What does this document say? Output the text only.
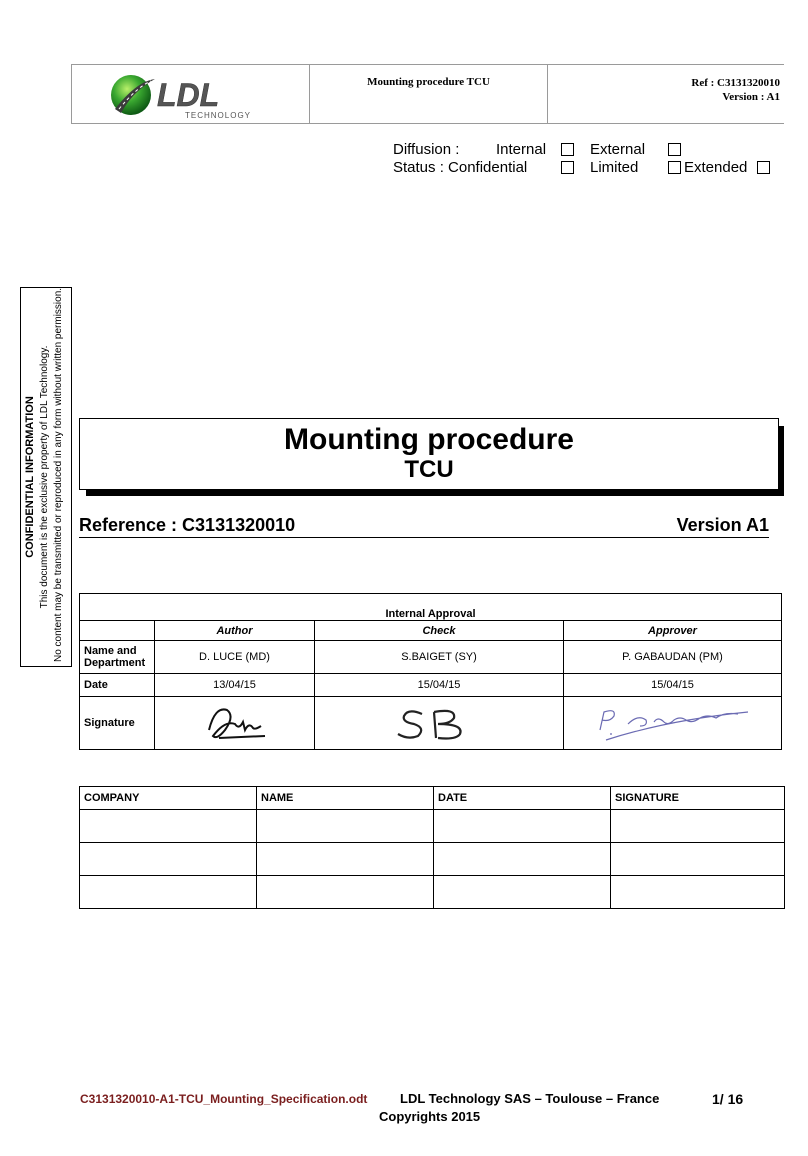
LDL
TECHNOLOGY
Mounting procedure TCU	Ref : C3131320010
Version : A1
Diffusion : Internal	External
Status : Confidential	Limited	Extended
CONFIDENTIAL INFORMATION This document is the exclusive property of LDL Technology. No content may be transmitted or reproduced in any form without written permission.	Mounting procedure
TCU
Reference : C3131320010	Version A1
Internal Approval			
	Author	Check	Approver
Name and Department	D. LUCE (MD)	S.BAIGET (SY)	P. GABAUDAN (PM)
Date	13/04/15	15/04/15	15/04/15
Signature			
COMPANY	NAME	DATE	SIGNATURE

C3131320010-A1-TCU_Mounting_Specification.odt	LDL Technology SAS – Toulouse – France	1/ 16
Copyrights 2015
